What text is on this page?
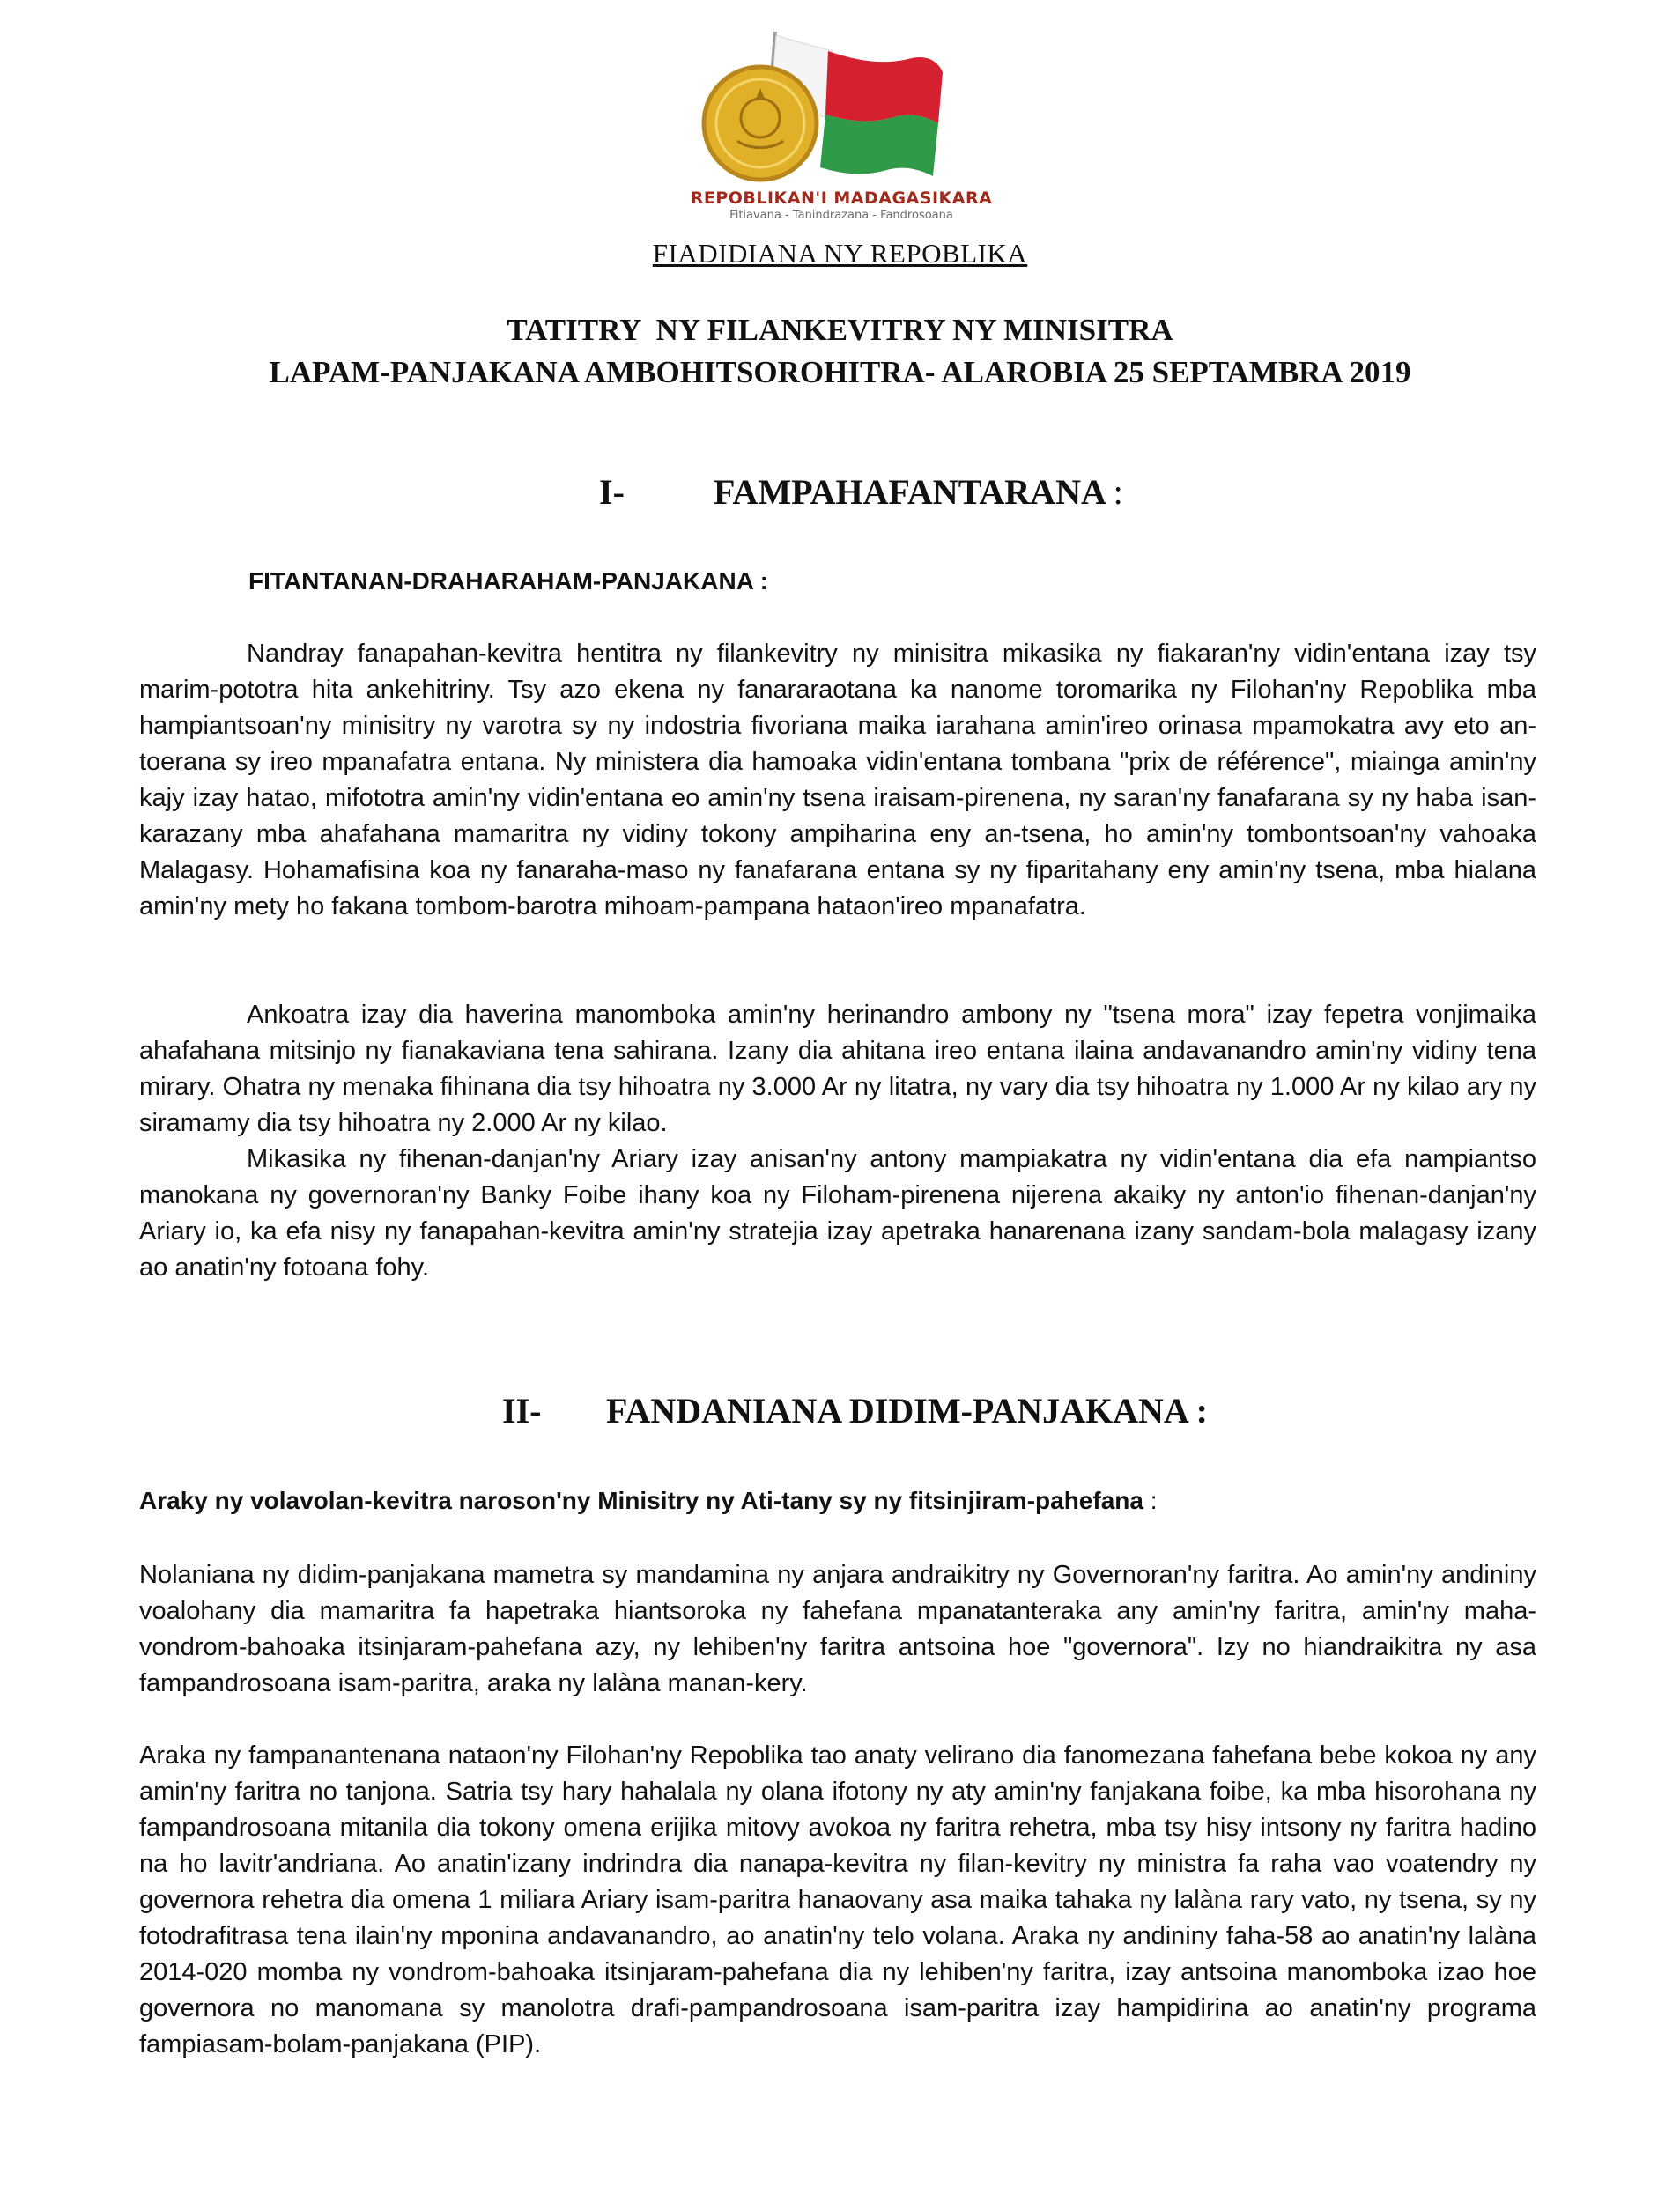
REPOBLIKAN'I MADAGASIKARA
Fitiavana - Tanindrazana - Fandrosoana
FIADIDIANA NY REPOBLIKA
TATITRY  NY FILANKEVITRY NY MINISITRA
LAPAM-PANJAKANA AMBOHITSOROHITRA- ALAROBIA 25 SEPTAMBRA 2019
I-	FAMPAHAFANTARANA :
FITANTANAN-DRAHARAHAM-PANJAKANA :

Nandray fanapahan-kevitra hentitra ny filankevitry ny minisitra mikasika ny fiakaran'ny vidin'entana izay tsy marim-pototra hita ankehitriny. Tsy azo ekena ny fanararaotana ka nanome toromarika ny Filohan'ny Repoblika mba hampiantsoan'ny minisitry ny varotra sy ny indostria fivoriana maika iarahana amin'ireo orinasa mpamokatra avy eto an-toerana sy ireo mpanafatra entana. Ny ministera dia hamoaka vidin'entana tombana "prix de référence", miainga amin'ny kajy izay hatao, mifototra amin'ny vidin'entana eo amin'ny tsena iraisam-pirenena, ny saran'ny fanafarana sy ny haba isan-karazany mba ahafahana mamaritra ny vidiny tokony ampiharina eny an-tsena, ho amin'ny tombontsoan'ny vahoaka Malagasy. Hohamafisina koa ny fanaraha-maso ny fanafarana entana sy ny fiparitahany eny amin'ny tsena, mba hialana amin'ny mety ho fakana tombom-barotra mihoam-pampana hataon'ireo mpanafatra.

Ankoatra izay dia haverina manomboka amin'ny herinandro ambony ny "tsena mora" izay fepetra vonjimaika ahafahana mitsinjo ny fianakaviana tena sahirana. Izany dia ahitana ireo entana ilaina andavanandro amin'ny vidiny tena mirary. Ohatra ny menaka fihinana dia tsy hihoatra ny 3.000 Ar ny litatra, ny vary dia tsy hihoatra ny 1.000 Ar ny kilao ary ny siramamy dia tsy hihoatra ny 2.000 Ar ny kilao.

Mikasika ny fihenan-danjan'ny Ariary izay anisan'ny antony mampiakatra ny vidin'entana dia efa nampiantso manokana ny governoran'ny Banky Foibe ihany koa ny Filoham-pirenena nijerena akaiky ny anton'io fihenan-danjan'ny Ariary io, ka efa nisy ny fanapahan-kevitra amin'ny stratejia izay apetraka hanarenana izany sandam-bola malagasy izany ao anatin'ny fotoana fohy.

II- FANDANIANA DIDIM-PANJAKANA :
Araky ny volavolan-kevitra naroson'ny Minisitry ny Ati-tany sy ny fitsinjiram-pahefana :

Nolaniana ny didim-panjakana mametra sy mandamina ny anjara andraikitry ny Governoran'ny faritra. Ao amin'ny andininy voalohany dia mamaritra fa hapetraka hiantsoroka ny fahefana mpanatanteraka any amin'ny faritra, amin'ny maha-vondrom-bahoaka itsinjaram-pahefana azy, ny lehiben'ny faritra antsoina hoe "governora". Izy no hiandraikitra ny asa fampandrosoana isam-paritra, araka ny lalàna manan-kery.

Araka ny fampanantenana nataon'ny Filohan'ny Repoblika tao anaty velirano dia fanomezana fahefana bebe kokoa ny any amin'ny faritra no tanjona. Satria tsy hary hahalala ny olana ifotony ny aty amin'ny fanjakana foibe, ka mba hisorohana ny fampandrosoana mitanila dia tokony omena erijika mitovy avokoa ny faritra rehetra, mba tsy hisy intsony ny faritra hadino na ho lavitr'andriana. Ao anatin'izany indrindra dia nanapa-kevitra ny filan-kevitry ny ministra fa raha vao voatendry ny governora rehetra dia omena 1 miliara Ariary isam-paritra hanaovany asa maika tahaka ny lalàna rary vato, ny tsena, sy ny fotodrafitrasa tena ilain'ny mponina andavanandro, ao anatin'ny telo volana. Araka ny andininy faha-58 ao anatin'ny lalàna 2014-020 momba ny vondrom-bahoaka itsinjaram-pahefana dia ny lehiben'ny faritra, izay antsoina manomboka izao hoe governora no manomana sy manolotra drafi-pampandrosoana isam-paritra izay hampidirina ao anatin'ny programa fampiasam-bolam-panjakana (PIP).
